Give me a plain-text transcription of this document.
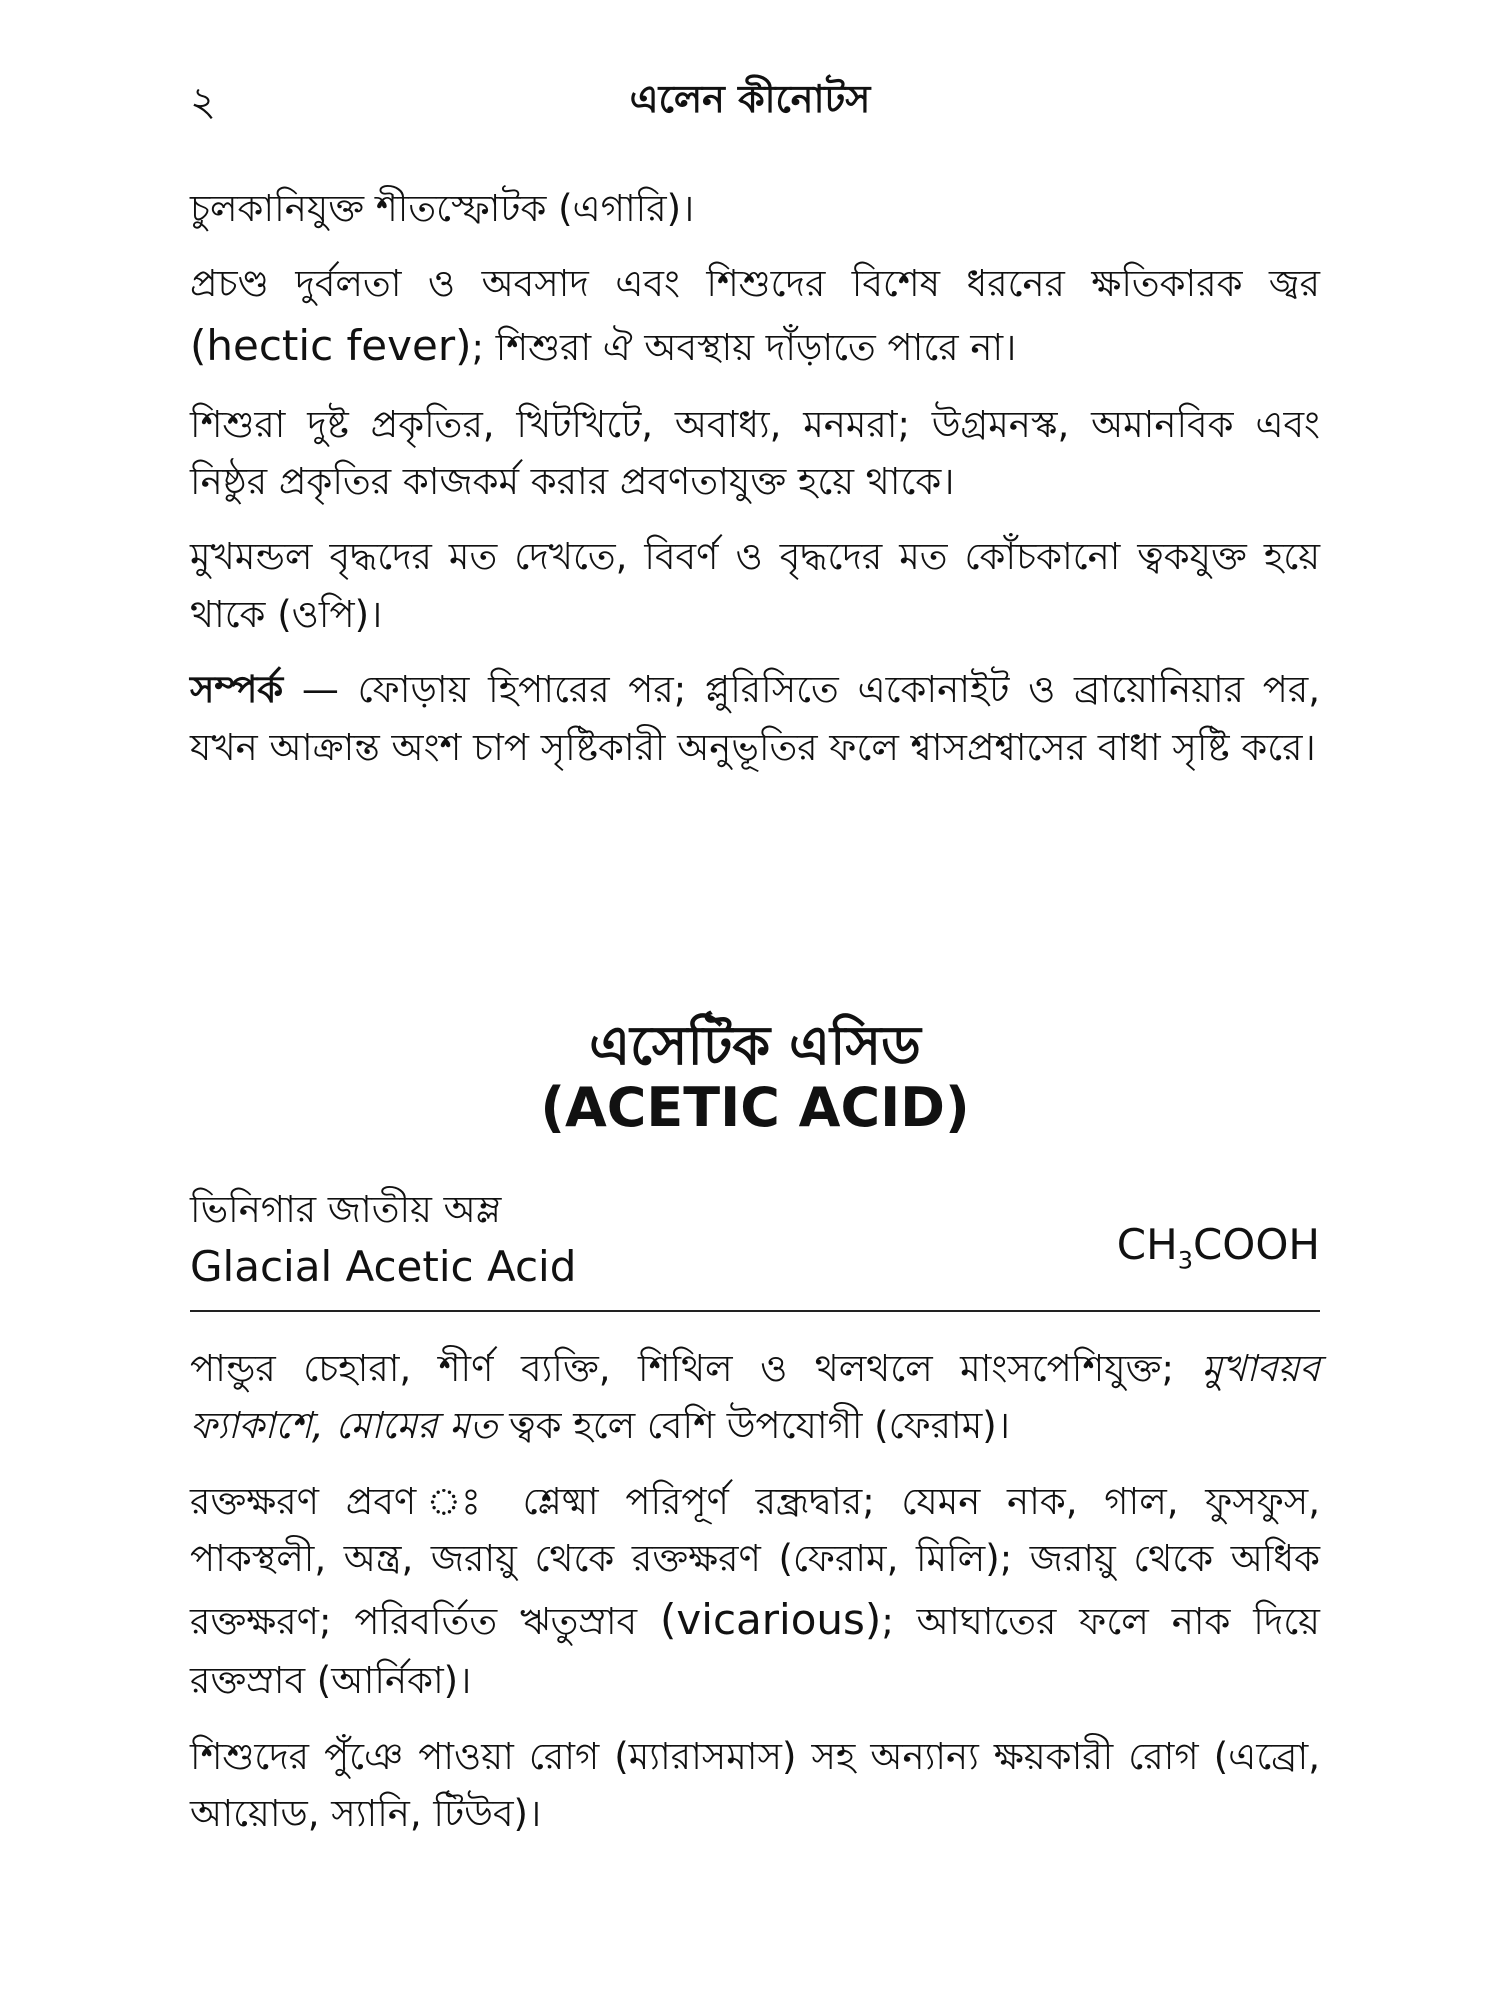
২	এলেন কীনোটস

চুলকানিযুক্ত শীতস্ফোটক (এগারি)।

প্রচণ্ড দুর্বলতা ও অবসাদ এবং শিশুদের বিশেষ ধরনের ক্ষতিকারক জ্বর (hectic fever); শিশুরা ঐ অবস্থায় দাঁড়াতে পারে না।

শিশুরা দুষ্ট প্রকৃতির, খিটখিটে, অবাধ্য, মনমরা; উগ্রমনস্ক, অমানবিক এবং নিষ্ঠুর প্রকৃতির কাজকর্ম করার প্রবণতাযুক্ত হয়ে থাকে।

মুখমন্ডল বৃদ্ধদের মত দেখতে, বিবর্ণ ও বৃদ্ধদের মত কোঁচকানো ত্বকযুক্ত হয়ে থাকে (ওপি)।

সম্পর্ক — ফোড়ায় হিপারের পর; প্লুরিসিতে একোনাইট ও ব্রায়োনিয়ার পর, যখন আক্রান্ত অংশ চাপ সৃষ্টিকারী অনুভূতির ফলে শ্বাসপ্রশ্বাসের বাধা সৃষ্টি করে।

এসেটিক এসিড
(ACETIC ACID)
ভিনিগার জাতীয় অম্ল
Glacial Acetic Acid	$CH_3COOH$

পান্ডুর চেহারা, শীর্ণ ব্যক্তি, শিথিল ও থলথলে মাংসপেশিযুক্ত; মুখাবয়ব ফ্যাকাশে, মোমের মত ত্বক হলে বেশি উপযোগী (ফেরাম)।

রক্তক্ষরণ প্রবণ ঃ শ্লেষ্মা পরিপূর্ণ রন্ধ্রদ্বার; যেমন নাক, গাল, ফুসফুস, পাকস্থলী, অন্ত্র, জরায়ু থেকে রক্তক্ষরণ (ফেরাম, মিলি); জরায়ু থেকে অধিক রক্তক্ষরণ; পরিবর্তিত ঋতুস্রাব (vicarious); আঘাতের ফলে নাক দিয়ে রক্তস্রাব (আর্নিকা)।

শিশুদের পুঁঞে পাওয়া রোগ (ম্যারাসমাস) সহ অন্যান্য ক্ষয়কারী রোগ (এব্রো, আয়োড, স্যানি, টিউব)।
